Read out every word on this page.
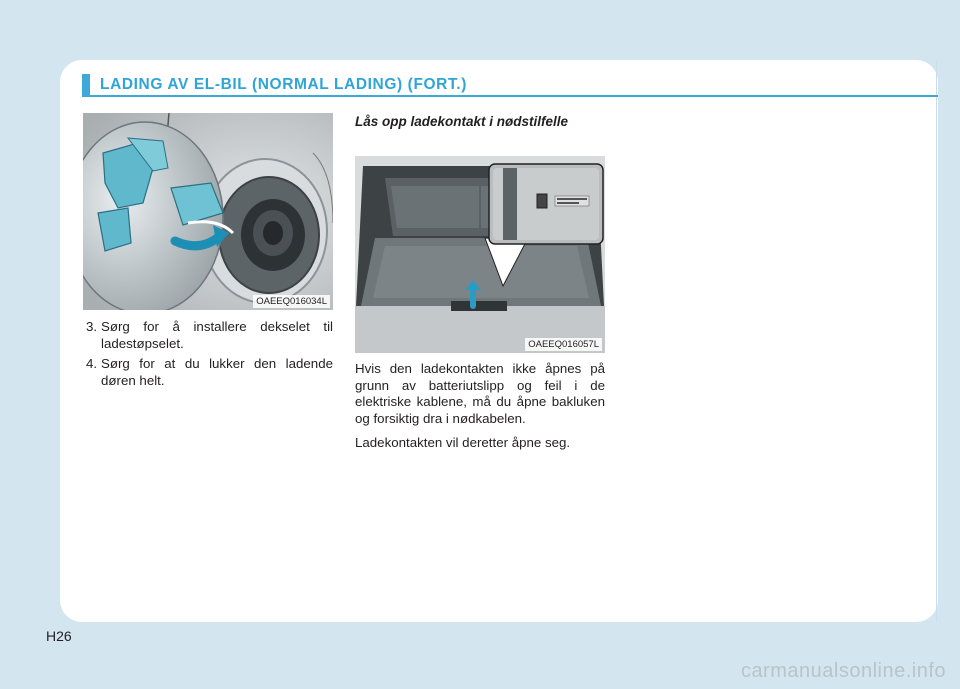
LADING AV EL-BIL (NORMAL LADING) (FORT.)
OAEEQ016034L
3. Sørg for å installere dekselet til ladestøpselet.
4. Sørg for at du lukker den ladende døren helt.
Lås opp ladekontakt i nødstilfelle
OAEEQ016057L

Hvis den ladekontakten ikke åpnes på grunn av batteriutslipp og feil i de elektriske kablene, må du åpne bakluken og forsiktig dra i nødkabelen.

Ladekontakten vil deretter åpne seg.

H26
carmanualsonline.info
